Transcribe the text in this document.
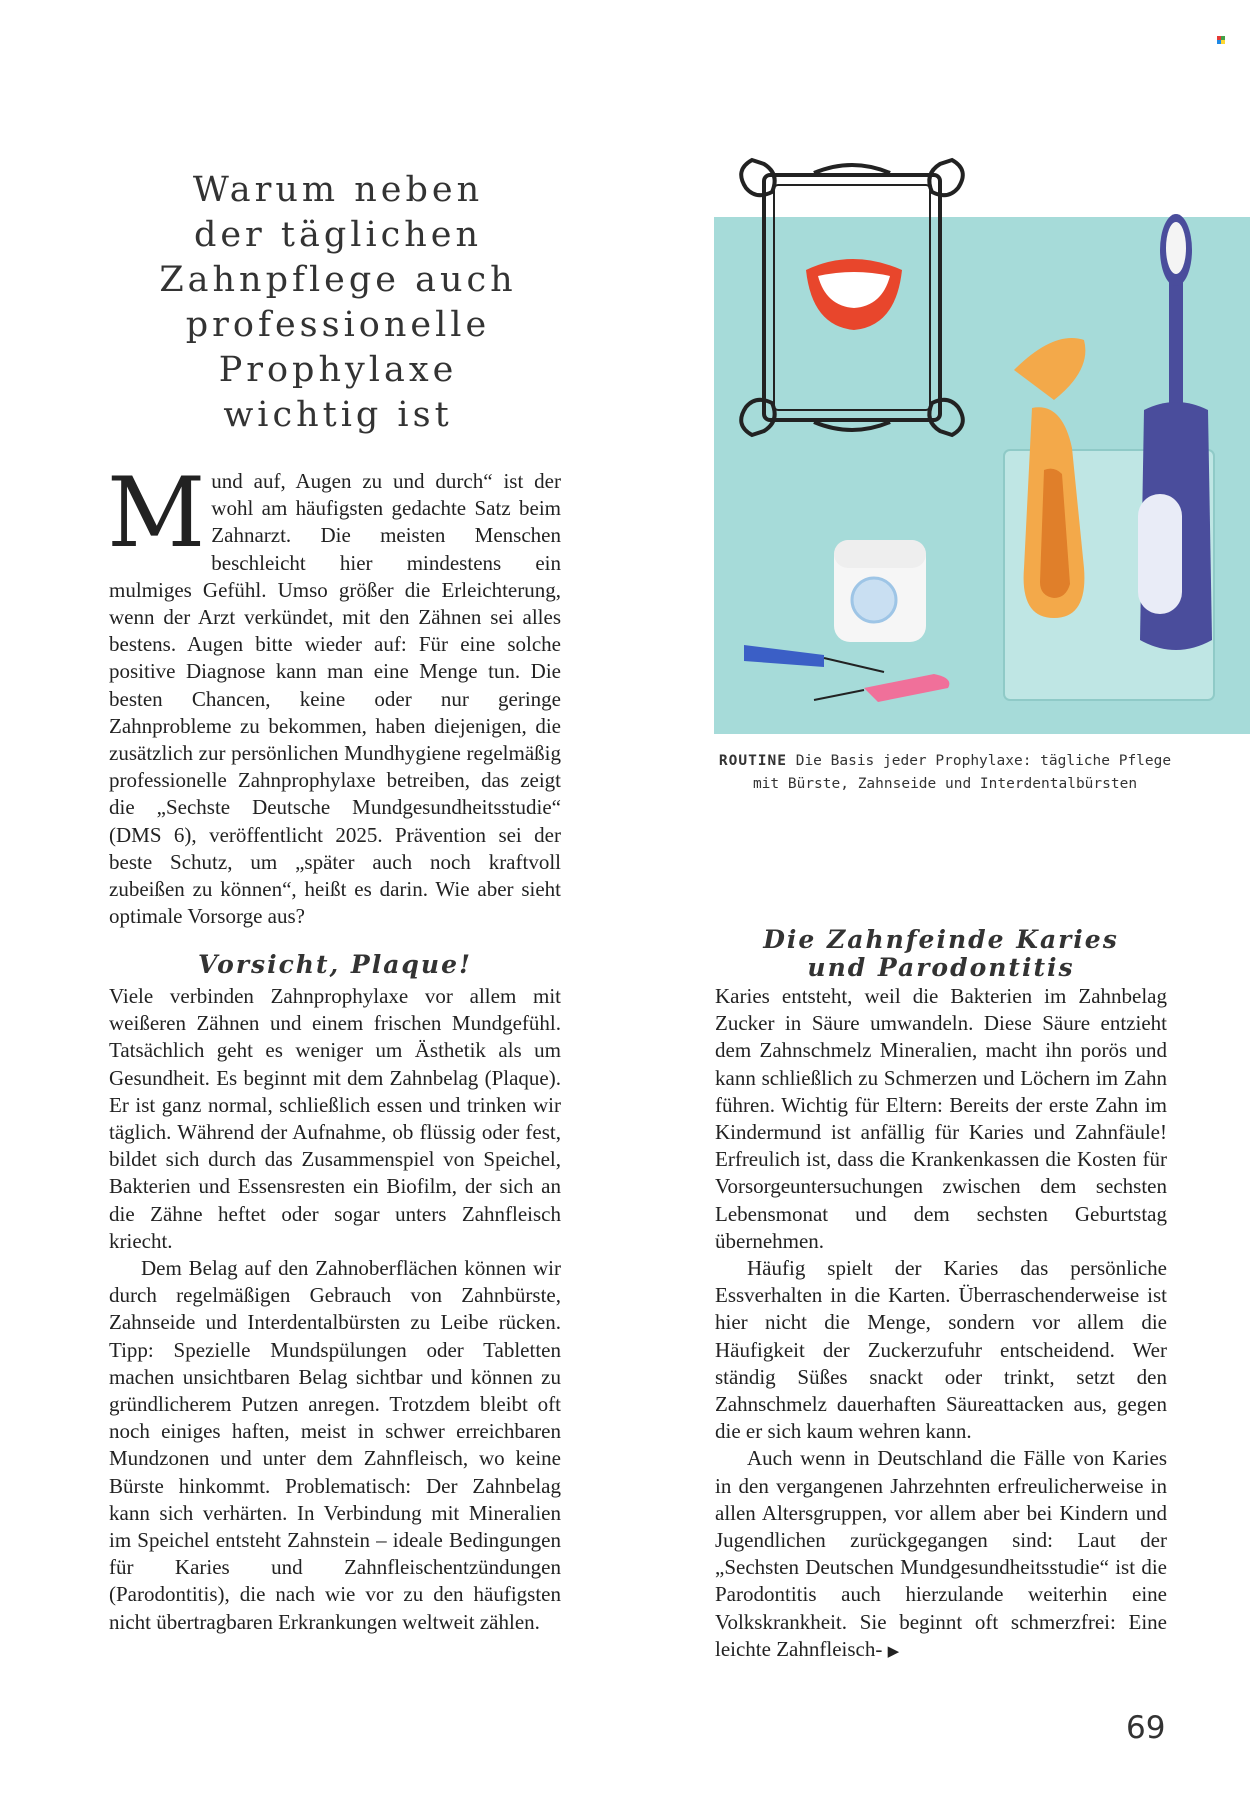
Warum neben
der täglichen
Zahnpflege auch
professionelle
Prophylaxe
wichtig ist
M und auf, Augen zu und durch“ ist der wohl am häufigsten gedachte Satz beim Zahnarzt. Die meisten Menschen beschleicht hier mindestens ein mulmiges Gefühl. Umso größer die Erleichterung, wenn der Arzt verkündet, mit den Zähnen sei alles bestens. Augen bitte wieder auf: Für eine solche positive Diagnose kann man eine Menge tun. Die besten Chancen, keine oder nur geringe Zahnprobleme zu bekommen, haben diejenigen, die zusätzlich zur persönlichen Mundhygiene regelmäßig professionelle Zahnprophylaxe betreiben, das zeigt die „Sechste Deutsche Mundgesundheitsstudie“ (DMS 6), veröffentlicht 2025. Prävention sei der beste Schutz, um „später auch noch kraftvoll zubeißen zu können“, heißt es darin. Wie aber sieht optimale Vorsorge aus?
Vorsicht, Plaque!

Viele verbinden Zahnprophylaxe vor allem mit weißeren Zähnen und einem frischen Mundgefühl. Tatsächlich geht es weniger um Ästhetik als um Gesundheit. Es beginnt mit dem Zahnbelag (Plaque). Er ist ganz normal, schließlich essen und trinken wir täglich. Während der Aufnahme, ob flüssig oder fest, bildet sich durch das Zusammenspiel von Speichel, Bakterien und Essensresten ein Biofilm, der sich an die Zähne heftet oder sogar unters Zahnfleisch kriecht.

Dem Belag auf den Zahnoberflächen können wir durch regelmäßigen Gebrauch von Zahnbürste, Zahnseide und Interdentalbürsten zu Leibe rücken. Tipp: Spezielle Mundspülungen oder Tabletten machen unsichtbaren Belag sichtbar und können zu gründlicherem Putzen anregen. Trotzdem bleibt oft noch einiges haften, meist in schwer erreichbaren Mundzonen und unter dem Zahnfleisch, wo keine Bürste hinkommt. Problematisch: Der Zahnbelag kann sich verhärten. In Verbindung mit Mineralien im Speichel entsteht Zahnstein – ideale Bedingungen für Karies und Zahnfleischentzündungen (Parodontitis), die nach wie vor zu den häufigsten nicht übertragbaren Erkrankungen weltweit zählen.

ROUTINE Die Basis jeder Prophylaxe: tägliche Pflege mit Bürste, Zahnseide und Interdentalbürsten
Die Zahnfeinde Karies
und Parodontitis

Karies entsteht, weil die Bakterien im Zahnbelag Zucker in Säure umwandeln. Diese Säure entzieht dem Zahnschmelz Mineralien, macht ihn porös und kann schließlich zu Schmerzen und Löchern im Zahn führen. Wichtig für Eltern: Bereits der erste Zahn im Kindermund ist anfällig für Karies und Zahnfäule! Erfreulich ist, dass die Krankenkassen die Kosten für Vorsorgeuntersuchungen zwischen dem sechsten Lebensmonat und dem sechsten Geburtstag übernehmen.

Häufig spielt der Karies das persönliche Essverhalten in die Karten. Überraschenderweise ist hier nicht die Menge, sondern vor allem die Häufigkeit der Zuckerzufuhr entscheidend. Wer ständig Süßes snackt oder trinkt, setzt den Zahnschmelz dauerhaften Säureattacken aus, gegen die er sich kaum wehren kann.

Auch wenn in Deutschland die Fälle von Karies in den vergangenen Jahrzehnten erfreulicherweise in allen Altersgruppen, vor allem aber bei Kindern und Jugendlichen zurückgegangen sind: Laut der „Sechsten Deutschen Mundgesundheitsstudie“ ist die Parodontitis auch hierzulande weiterhin eine Volkskrankheit. Sie beginnt oft schmerzfrei: Eine leichte Zahnfleisch- ▶

69
